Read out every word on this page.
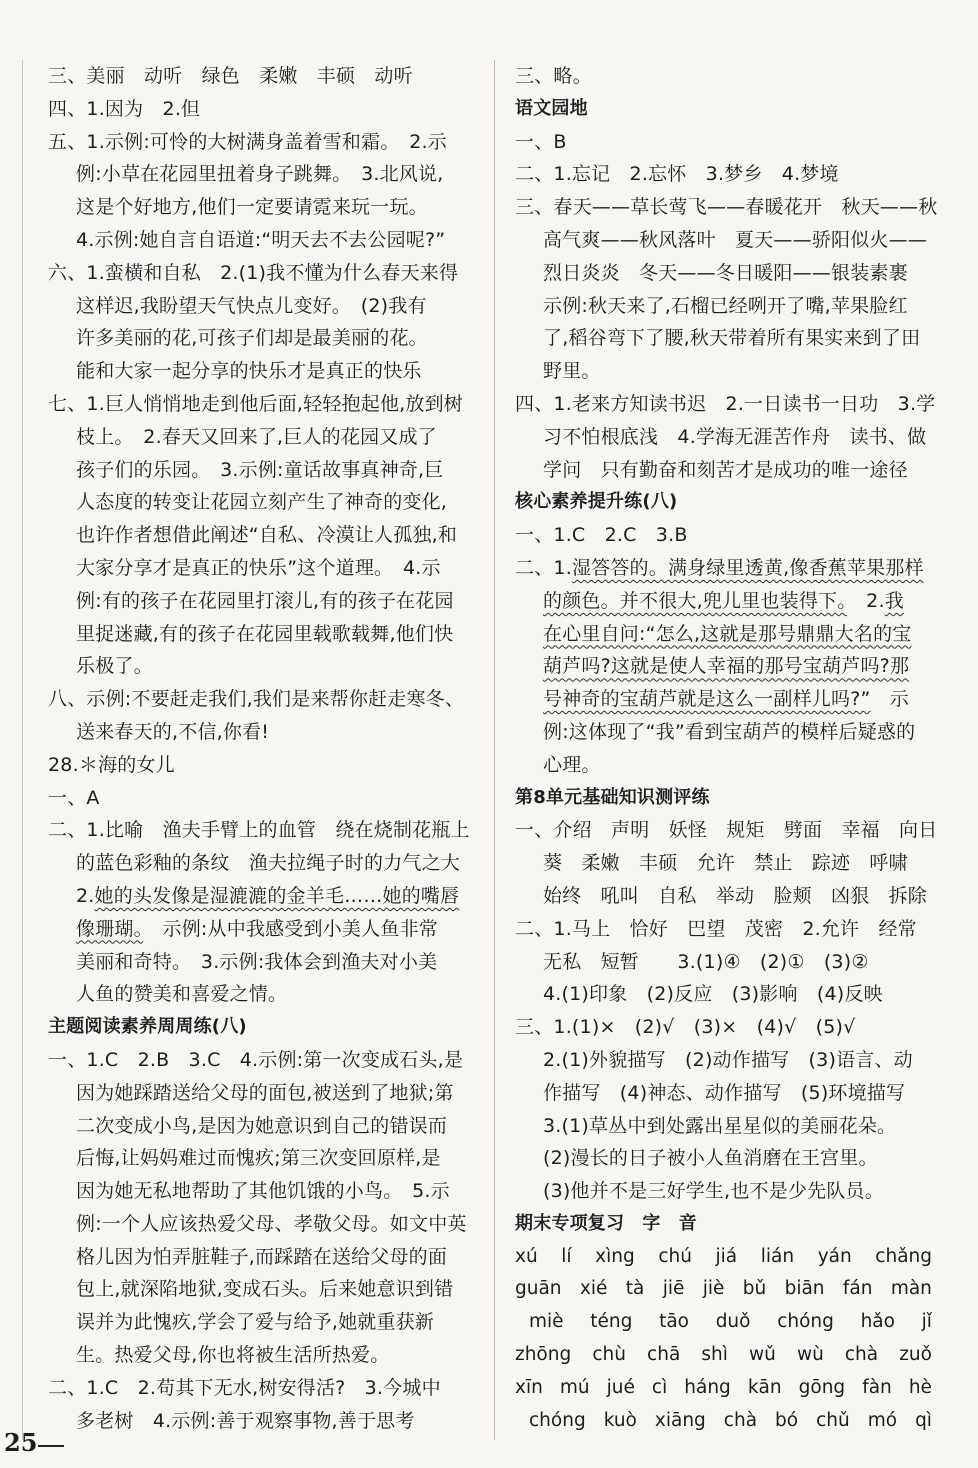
三、美丽　动听　绿色　柔嫩　丰硕　动听
四、1.因为　2.但
五、1.示例:可怜的大树满身盖着雪和霜。　2.示
例:小草在花园里扭着身子跳舞。　3.北风说,
这是个好地方,他们一定要请霓来玩一玩。
4.示例:她自言自语道:“明天去不去公园呢?”
六、1.蛮横和自私　2.(1)我不懂为什么春天来得
这样迟,我盼望天气快点儿变好。　(2)我有
许多美丽的花,可孩子们却是最美丽的花。
能和大家一起分享的快乐才是真正的快乐
七、1.巨人悄悄地走到他后面,轻轻抱起他,放到树
枝上。　2.春天又回来了,巨人的花园又成了
孩子们的乐园。　3.示例:童话故事真神奇,巨
人态度的转变让花园立刻产生了神奇的变化,
也许作者想借此阐述“自私、冷漠让人孤独,和
大家分享才是真正的快乐”这个道理。　4.示
例:有的孩子在花园里打滚儿,有的孩子在花园
里捉迷藏,有的孩子在花园里载歌载舞,他们快
乐极了。
八、示例:不要赶走我们,我们是来帮你赶走寒冬、
送来春天的,不信,你看!
28.＊海的女儿
一、A
二、1.比喻　渔夫手臂上的血管　绕在烧制花瓶上
的蓝色彩釉的条纹　渔夫拉绳子时的力气之大
2.她的头发像是湿漉漉的金羊毛……她的嘴唇
像珊瑚。　示例:从中我感受到小美人鱼非常
美丽和奇特。　3.示例:我体会到渔夫对小美
人鱼的赞美和喜爱之情。
主题阅读素养周周练(八)
一、1.C　2.B　3.C　4.示例:第一次变成石头,是
因为她踩踏送给父母的面包,被送到了地狱;第
二次变成小鸟,是因为她意识到自己的错误而
后悔,让妈妈难过而愧疚;第三次变回原样,是
因为她无私地帮助了其他饥饿的小鸟。　5.示
例:一个人应该热爱父母、孝敬父母。如文中英
格儿因为怕弄脏鞋子,而踩踏在送给父母的面
包上,就深陷地狱,变成石头。后来她意识到错
误并为此愧疚,学会了爱与给予,她就重获新
生。热爱父母,你也将被生活所热爱。
二、1.C　2.苟其下无水,树安得活?　3.今城中
多老树　4.示例:善于观察事物,善于思考
三、略。
语文园地
一、B
二、1.忘记　2.忘怀　3.梦乡　4.梦境
三、春天——草长莺飞——春暖花开　秋天——秋
高气爽——秋风落叶　夏天——骄阳似火——
烈日炎炎　冬天——冬日暖阳——银装素裹
示例:秋天来了,石榴已经咧开了嘴,苹果脸红
了,稻谷弯下了腰,秋天带着所有果实来到了田
野里。
四、1.老来方知读书迟　2.一日读书一日功　3.学
习不怕根底浅　4.学海无涯苦作舟　读书、做
学问　只有勤奋和刻苦才是成功的唯一途径
核心素养提升练(八)
一、1.C　2.C　3.B
二、1.湿答答的。满身绿里透黄,像香蕉苹果那样
的颜色。并不很大,兜儿里也装得下。　2.我
在心里自问:“怎么,这就是那号鼎鼎大名的宝
葫芦吗?这就是使人幸福的那号宝葫芦吗?那
号神奇的宝葫芦就是这么一副样儿吗?”　示
例:这体现了“我”看到宝葫芦的模样后疑惑的
心理。
第8单元基础知识测评练
一、介绍　声明　妖怪　规矩　劈面　幸福　向日
葵　柔嫩　丰硕　允许　禁止　踪迹　呼啸
始终　吼叫　自私　举动　脸颊　凶狠　拆除
二、1.马上　恰好　巴望　茂密　2.允许　经常
无私　短暂　　3.(1)④　(2)①　(3)②
4.(1)印象　(2)反应　(3)影响　(4)反映
三、1.(1)×　(2)√　(3)×　(4)√　(5)√
2.(1)外貌描写　(2)动作描写　(3)语言、动
作描写　(4)神态、动作描写　(5)环境描写
3.(1)草丛中到处露出星星似的美丽花朵。
(2)漫长的日子被小人鱼消磨在王宫里。
(3)他并不是三好学生,也不是少先队员。
期末专项复习　字　音
xú lí xìng chú jiá lián yán chǎng
guān xié tà jiē jiè bǔ biān fán màn
miè téng tāo duǒ chóng hǎo jǐ
zhōng chù chā shì wǔ wù chà zuǒ
xīn mú jué cì háng kān gōng fàn hè
chóng kuò xiāng chà bó chǔ mó qì
25
